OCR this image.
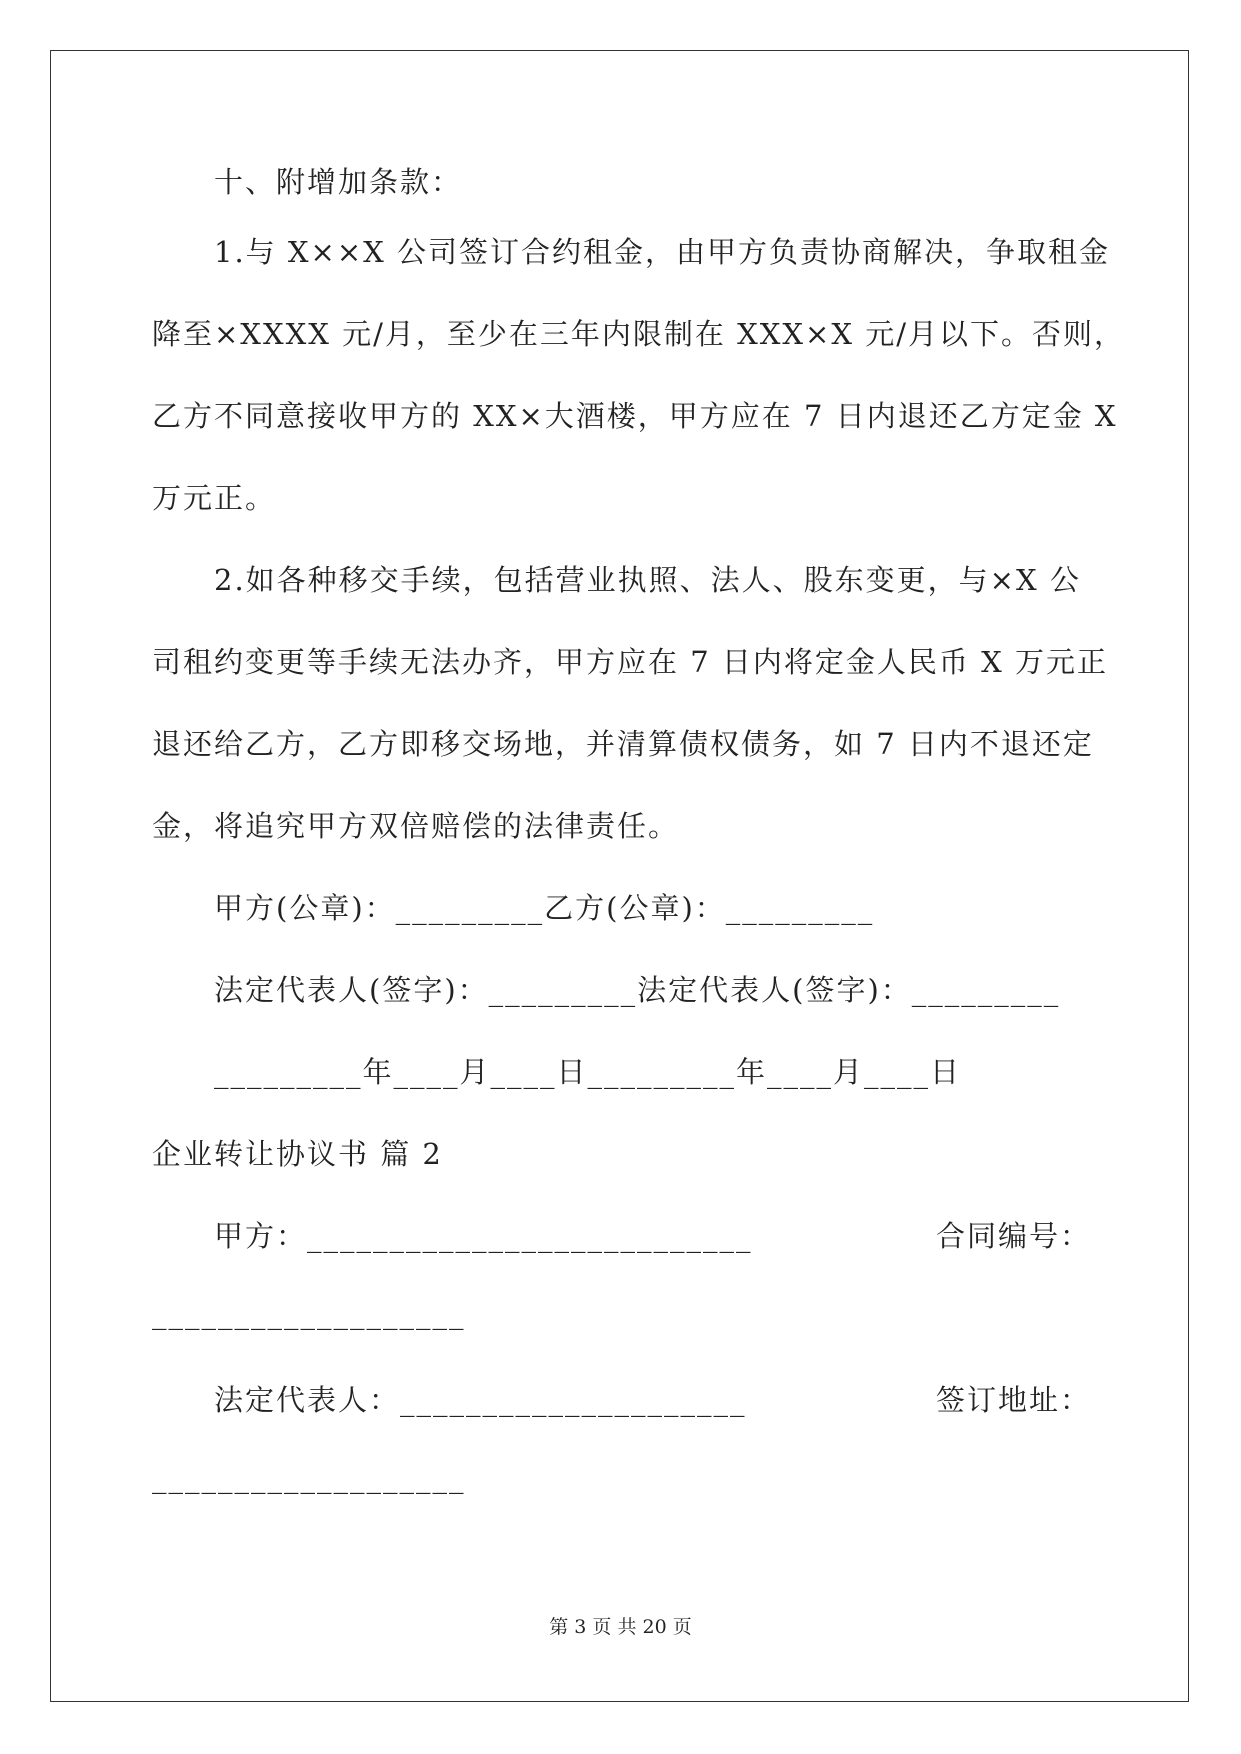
十、附增加条款：
1.与 X××X 公司签订合约租金，由甲方负责协商解决，争取租金
降至×XXXX 元/月，至少在三年内限制在 XXX×X 元/月以下。否则，
乙方不同意接收甲方的 XX×大酒楼，甲方应在 7 日内退还乙方定金 X
万元正。
2.如各种移交手续，包括营业执照、法人、股东变更，与×X 公
司租约变更等手续无法办齐，甲方应在 7 日内将定金人民币 X 万元正
退还给乙方，乙方即移交场地，并清算债权债务，如 7 日内不退还定
金，将追究甲方双倍赔偿的法律责任。
甲方(公章)：_________乙方(公章)：_________
法定代表人(签字)：_________法定代表人(签字)：_________
_________年____月____日_________年____月____日
企业转让协议书 篇 2
甲方：___________________________	合同编号：
___________________
法定代表人：_____________________	签订地址：
___________________
第 3 页 共 20 页
